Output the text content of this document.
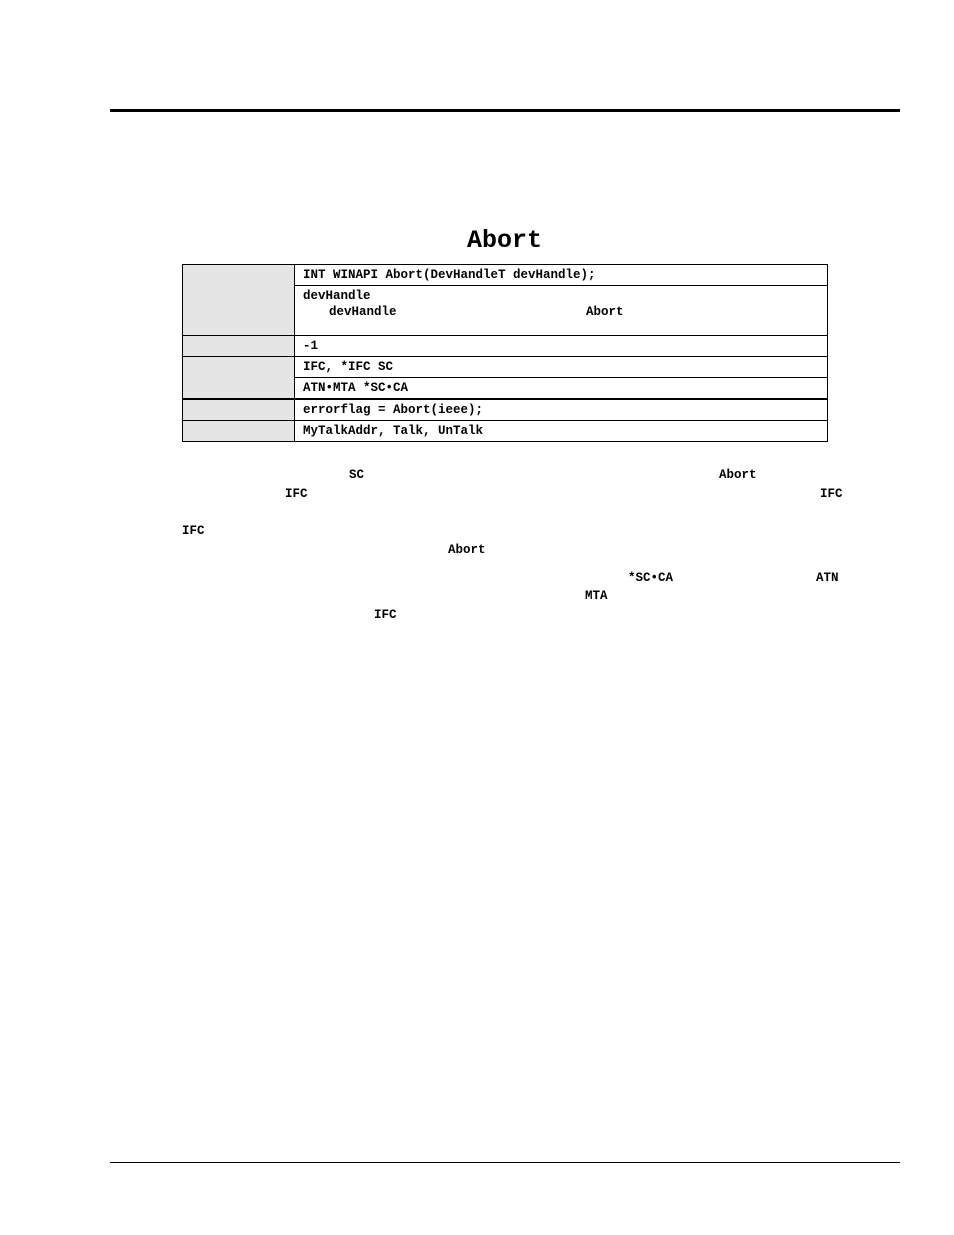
Abort
	INT WINAPI Abort(DevHandleT devHandle);

	devHandle
devHandle Abort

	-1
	IFC, *IFC SC
	ATN•MTA *SC•CA
	errorflag = Abort(ieee);
	MyTalkAddr, Talk, UnTalk
SC	Abort
IFC	IFC
IFC
Abort
*SC•CA	ATN
MTA
IFC
